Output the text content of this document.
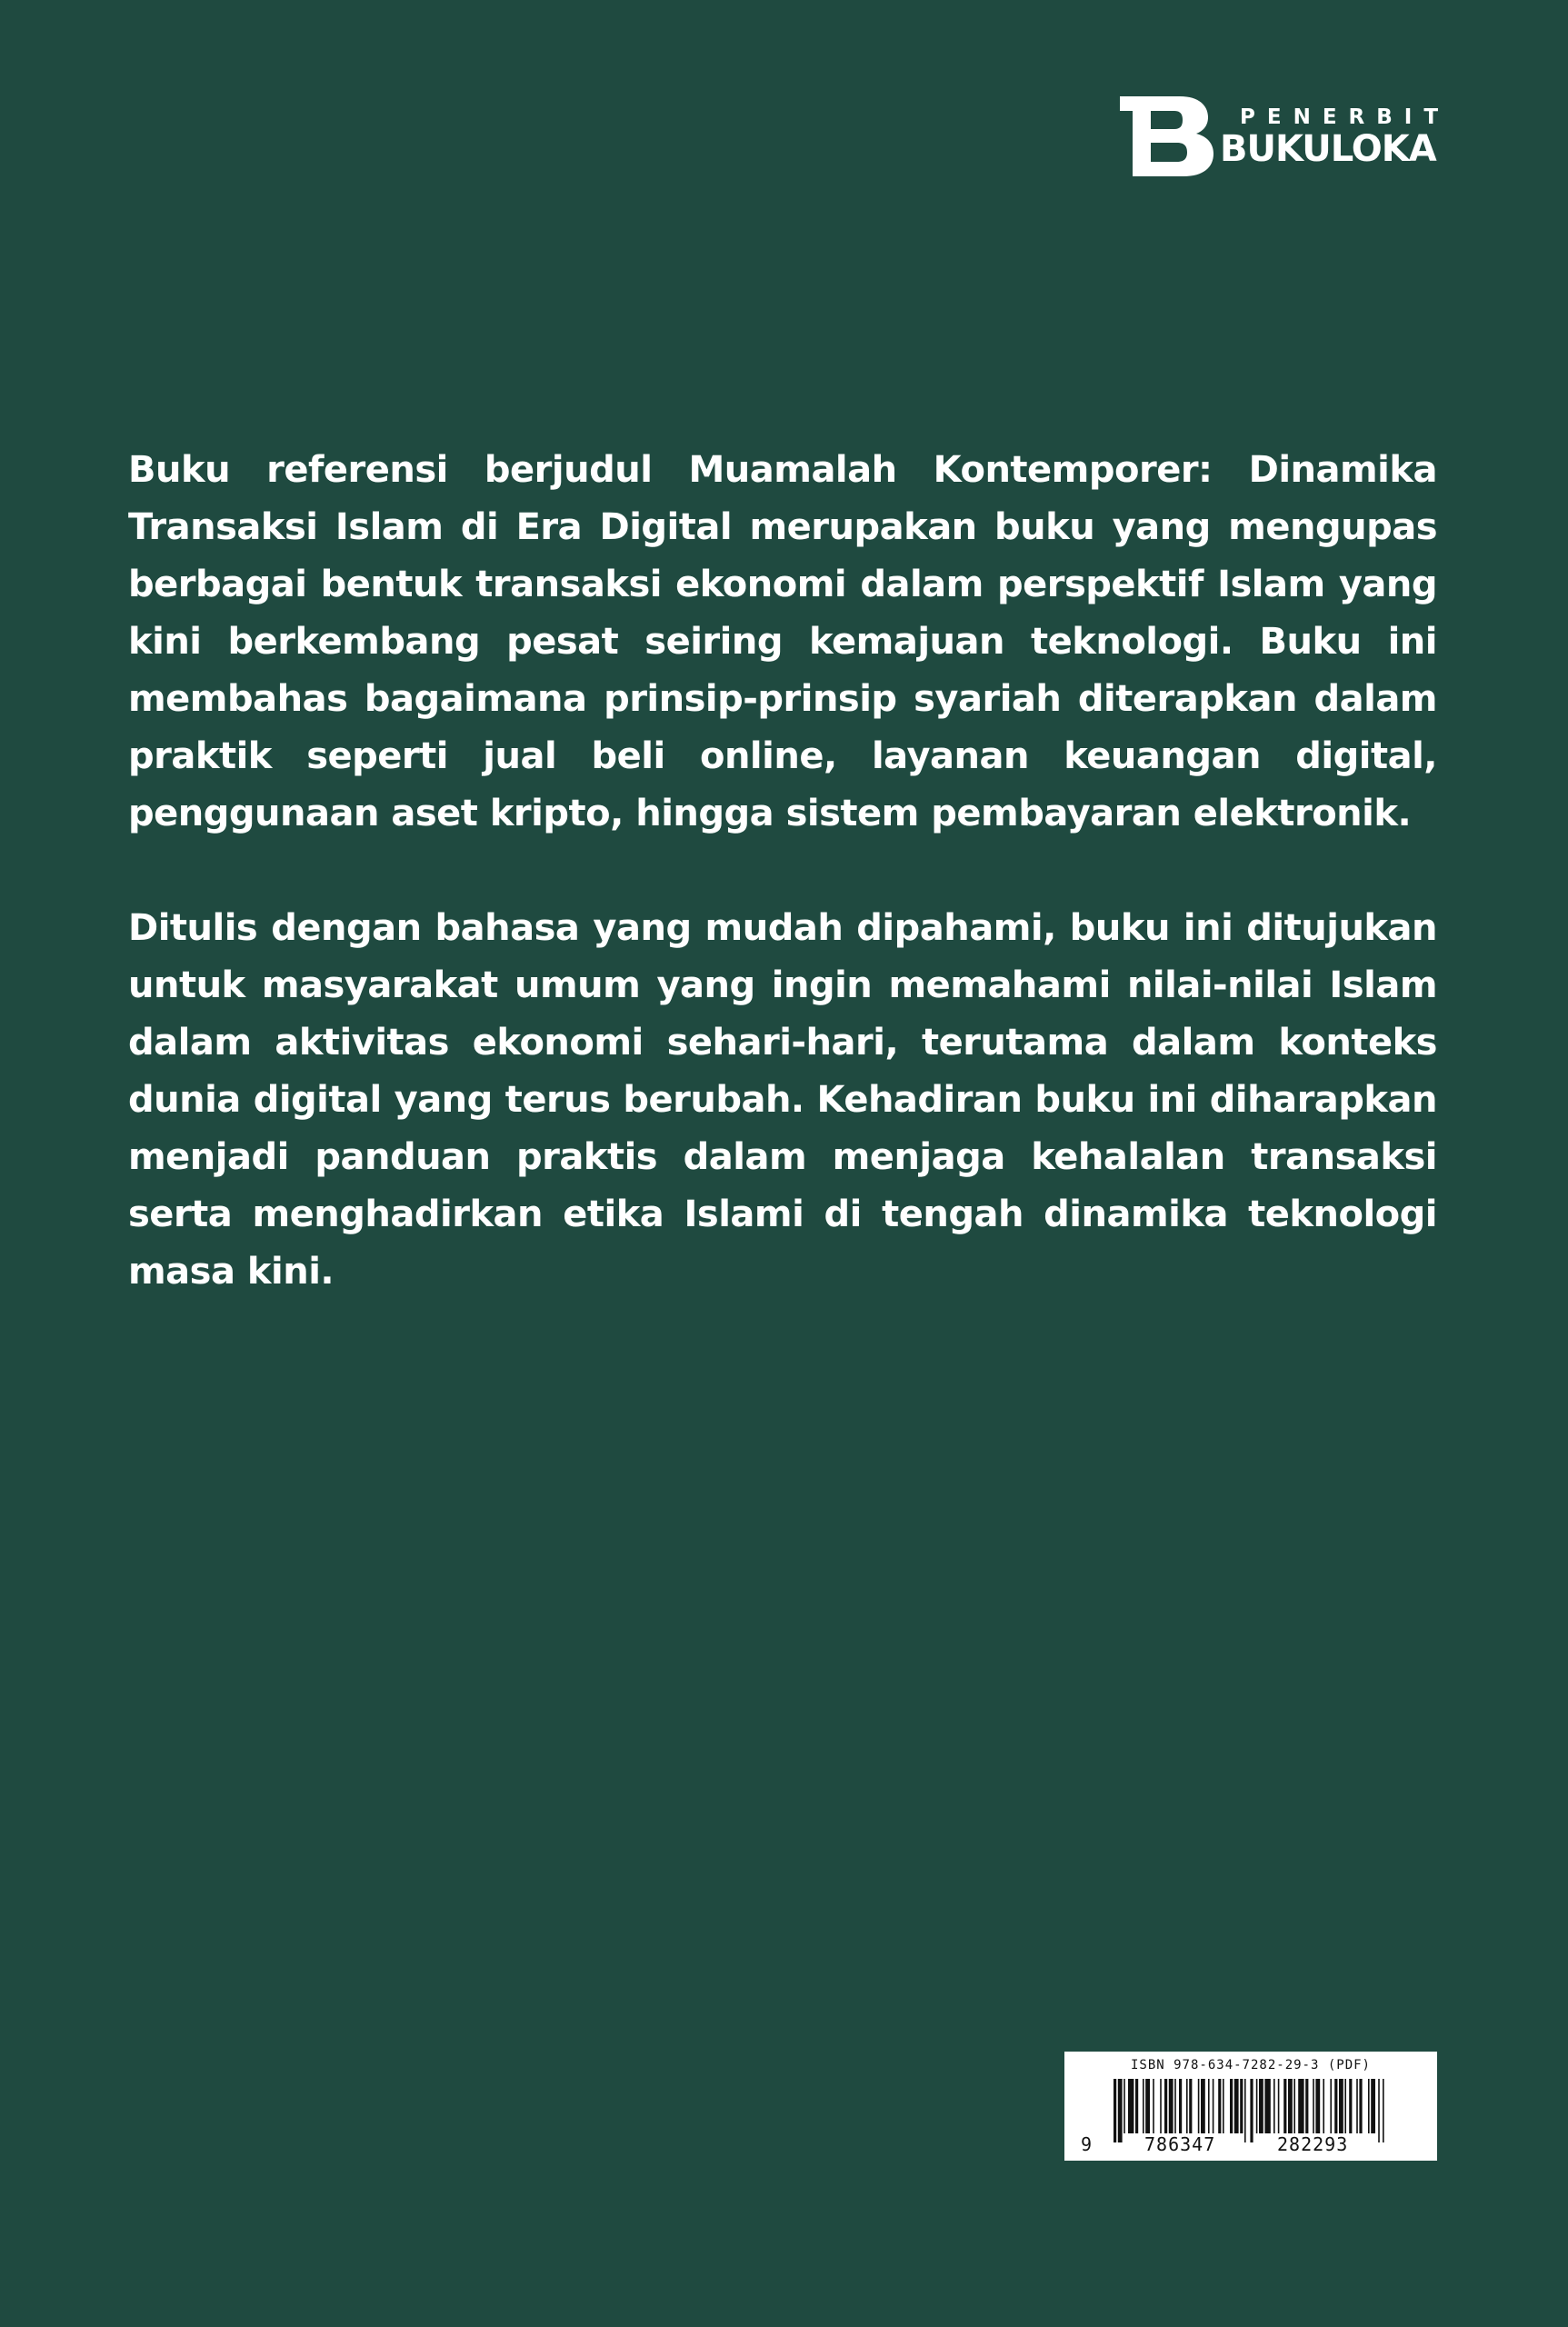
PENERBIT
BUKULOKA

Buku referensi berjudul Muamalah Kontemporer: Dinamika Transaksi Islam di Era Digital merupakan buku yang mengupas berbagai bentuk transaksi ekonomi dalam perspektif Islam yang kini berkembang pesat seiring kemajuan teknologi. Buku ini membahas bagaimana prinsip-prinsip syariah diterapkan dalam praktik seperti jual beli online, layanan keuangan digital, penggunaan aset kripto, hingga sistem pembayaran elektronik.

Ditulis dengan bahasa yang mudah dipahami, buku ini ditujukan untuk masyarakat umum yang ingin memahami nilai-nilai Islam dalam aktivitas ekonomi sehari-hari, terutama dalam konteks dunia digital yang terus berubah. Kehadiran buku ini diharapkan menjadi panduan praktis dalam menjaga kehalalan transaksi serta menghadirkan etika Islami di tengah dinamika teknologi masa kini.

ISBN 978-634-7282-29-3 (PDF)
9	786347	282293
